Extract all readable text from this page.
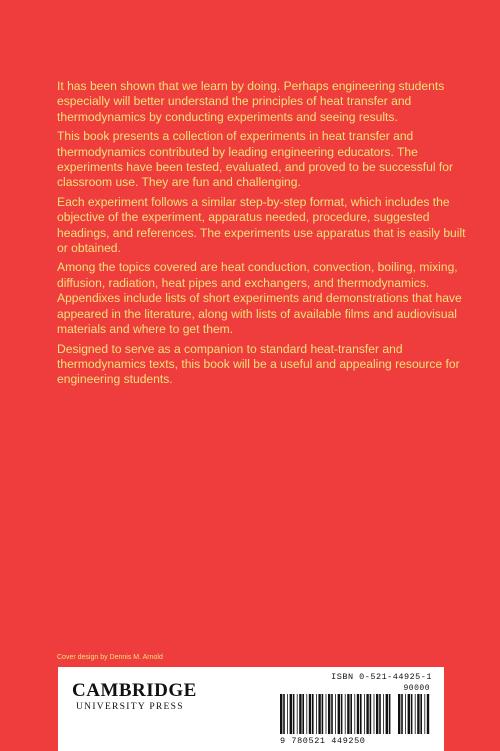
It has been shown that we learn by doing. Perhaps engineering students especially will better understand the principles of heat transfer and thermodynamics by conducting experiments and seeing results.

This book presents a collection of experiments in heat transfer and thermodynamics contributed by leading engineering educators. The experiments have been tested, evaluated, and proved to be successful for classroom use. They are fun and challenging.

Each experiment follows a similar step-by-step format, which includes the objective of the experiment, apparatus needed, procedure, suggested headings, and references. The experiments use apparatus that is easily built or obtained.

Among the topics covered are heat conduction, convection, boiling, mixing, diffusion, radiation, heat pipes and exchangers, and thermodynamics. Appendixes include lists of short experiments and demonstrations that have appeared in the literature, along with lists of available films and audiovisual materials and where to get them.

Designed to serve as a companion to standard heat-transfer and thermodynamics texts, this book will be a useful and appealing resource for engineering students.

Cover design by Dennis M. Arnold
CAMBRIDGE
UNIVERSITY PRESS
ISBN 0-521-44925-1
90000
9 780521 449250
